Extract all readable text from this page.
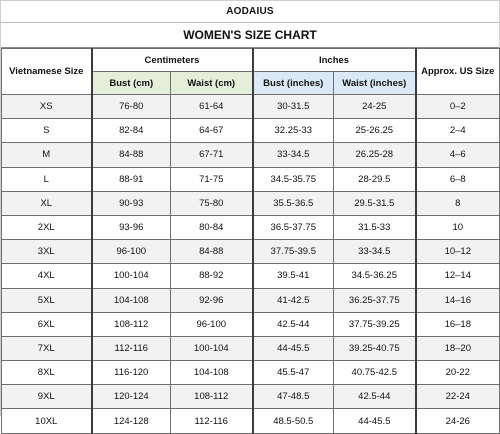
AODAIUS
WOMEN'S SIZE CHART
Vietnamese Size	Centimeters		Inches		Approx. US Size
	Bust (cm)	Waist (cm)	Bust (inches)	Waist (inches)	
XS	76-80	61-64	30-31.5	24-25	0–2
S	82-84	64-67	32.25-33	25-26.25	2–4
M	84-88	67-71	33-34.5	26.25-28	4–6
L	88-91	71-75	34.5-35.75	28-29.5	6–8
XL	90-93	75-80	35.5-36.5	29.5-31.5	8
2XL	93-96	80-84	36.5-37.75	31.5-33	10
3XL	96-100	84-88	37.75-39.5	33-34.5	10–12
4XL	100-104	88-92	39.5-41	34.5-36.25	12–14
5XL	104-108	92-96	41-42.5	36.25-37.75	14–16
6XL	108-112	96-100	42.5-44	37.75-39.25	16–18
7XL	112-116	100-104	44-45.5	39.25-40.75	18–20
8XL	116-120	104-108	45.5-47	40.75-42.5	20-22
9XL	120-124	108-112	47-48.5	42.5-44	22-24
10XL	124-128	112-116	48.5-50.5	44-45.5	24-26
